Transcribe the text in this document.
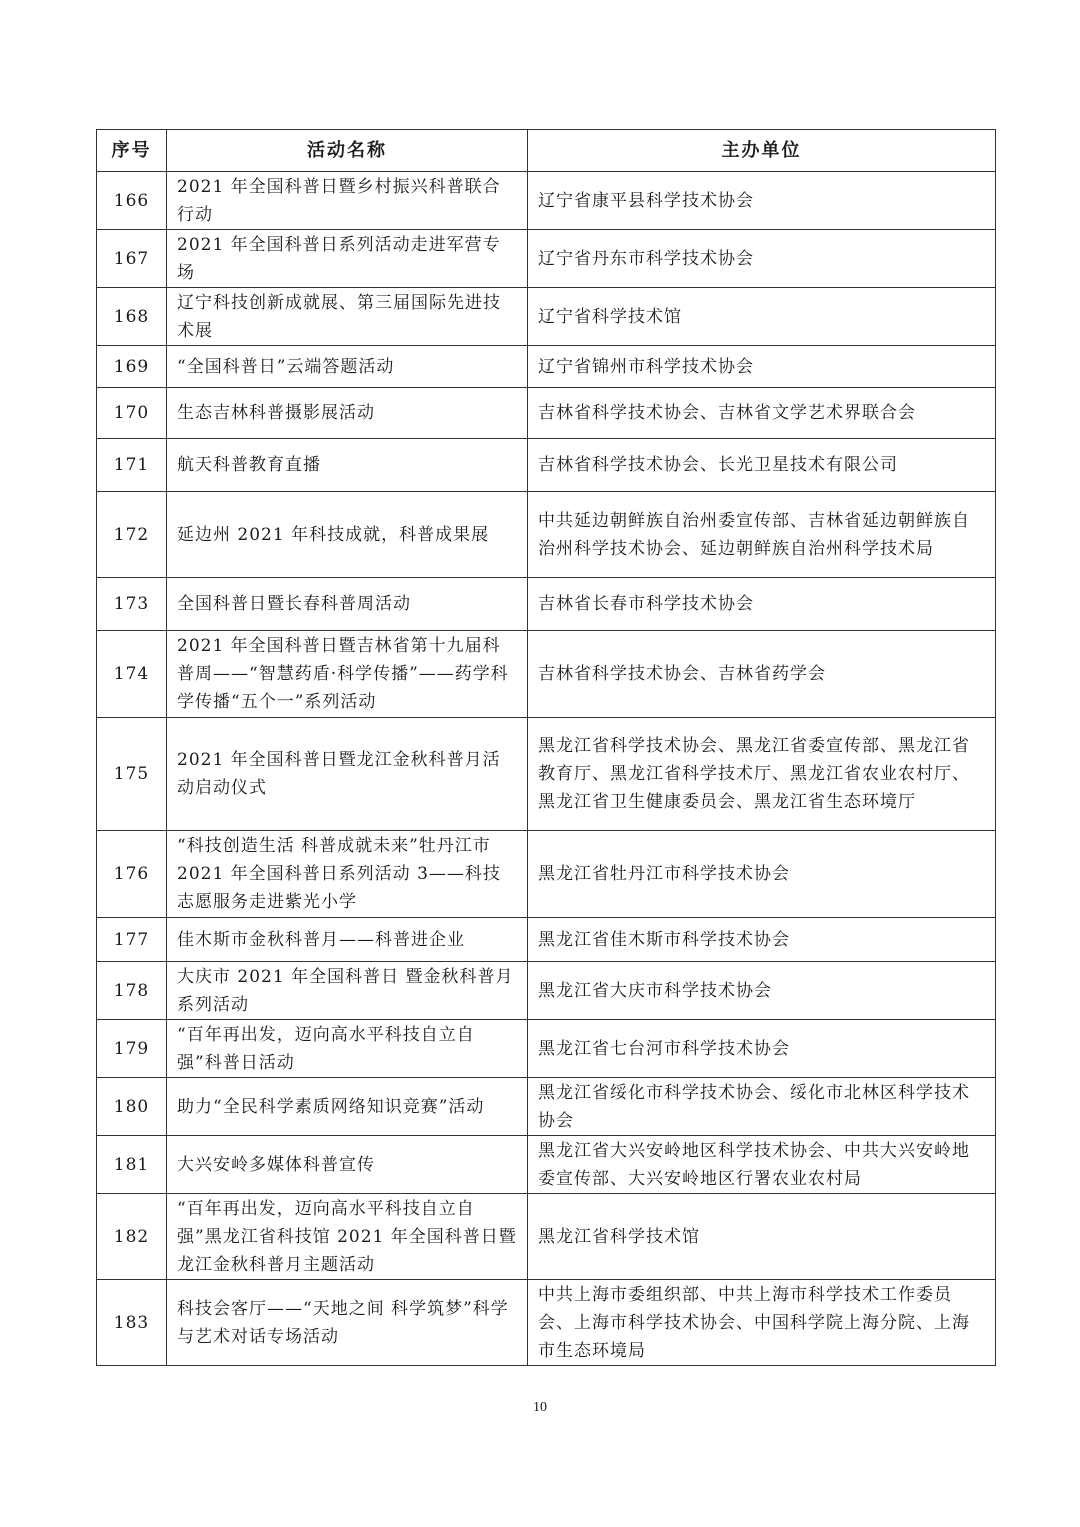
序号	活动名称	主办单位
166	2021 年全国科普日暨乡村振兴科普联合行动	辽宁省康平县科学技术协会
167	2021 年全国科普日系列活动走进军营专场	辽宁省丹东市科学技术协会
168	辽宁科技创新成就展、第三届国际先进技术展	辽宁省科学技术馆
169	“全国科普日”云端答题活动	辽宁省锦州市科学技术协会
170	生态吉林科普摄影展活动	吉林省科学技术协会、吉林省文学艺术界联合会
171	航天科普教育直播	吉林省科学技术协会、长光卫星技术有限公司
172	延边州 2021 年科技成就，科普成果展	中共延边朝鲜族自治州委宣传部、吉林省延边朝鲜族自治州科学技术协会、延边朝鲜族自治州科学技术局
173	全国科普日暨长春科普周活动	吉林省长春市科学技术协会
174	2021 年全国科普日暨吉林省第十九届科普周——“智慧药盾·科学传播”——药学科学传播“五个一”系列活动	吉林省科学技术协会、吉林省药学会
175	2021 年全国科普日暨龙江金秋科普月活动启动仪式	黑龙江省科学技术协会、黑龙江省委宣传部、黑龙江省教育厅、黑龙江省科学技术厅、黑龙江省农业农村厅、黑龙江省卫生健康委员会、黑龙江省生态环境厅
176	“科技创造生活 科普成就未来”牡丹江市 2021 年全国科普日系列活动 3——科技志愿服务走进紫光小学	黑龙江省牡丹江市科学技术协会
177	佳木斯市金秋科普月——科普进企业	黑龙江省佳木斯市科学技术协会
178	大庆市 2021 年全国科普日 暨金秋科普月系列活动	黑龙江省大庆市科学技术协会
179	“百年再出发，迈向高水平科技自立自强”科普日活动	黑龙江省七台河市科学技术协会
180	助力“全民科学素质网络知识竞赛”活动	黑龙江省绥化市科学技术协会、绥化市北林区科学技术协会
181	大兴安岭多媒体科普宣传	黑龙江省大兴安岭地区科学技术协会、中共大兴安岭地委宣传部、大兴安岭地区行署农业农村局
182	“百年再出发，迈向高水平科技自立自强”黑龙江省科技馆 2021 年全国科普日暨龙江金秋科普月主题活动	黑龙江省科学技术馆
183	科技会客厅——“天地之间 科学筑梦”科学与艺术对话专场活动	中共上海市委组织部、中共上海市科学技术工作委员会、上海市科学技术协会、中国科学院上海分院、上海市生态环境局
10
